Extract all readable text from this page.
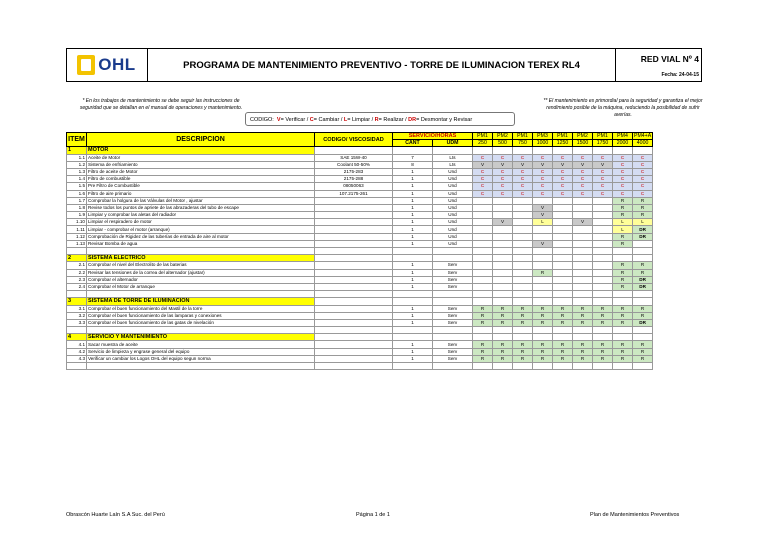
OHL	PROGRAMA DE MANTENIMIENTO PREVENTIVO - TORRE DE ILUMINACION TEREX RL4
RED VIAL Nº 4
Fecha: 24-04-15
* En los trabajos de mantenimiento se debe seguir las instrucciones de seguridad que se detallan en el manual de operaciones y mantenimiento.
** El mantenimiento es primordial para la seguridad y garantiza el mejor rendimiento posible de la máquina, reduciendo la posibilidad de sufrir averías.
CODIGO: V= Verificar / C= Cambiar / L= Limpiar / R= Realizar / DR= Desmontar y Revisar
ITEM	DESCRIPCION	CODIGO/ VISCOSIDAD	SERVICIO/HORAS		PM1	PM2	PM1	PM3	PM1	PM2	PM1	PM4	PM4+A
			CANT	UDM	250	500	750	1000	1250	1500	1750	2000	4000
1	MOTOR												
1.1	Aceite de Motor	SAE 15W-40	7	Lts	C	C	C	C	C	C	C	C	C
1.2	Sistema de enfriamiento	Coolant 50-50%	8	Lts	V	V	V	V	V	V	V	C	C
1.3	Filtro de aceite de Motor	2175-283	1	Und	C	C	C	C	C	C	C	C	C
1.4	Filtro de combustible	2175-288	1	Und	C	C	C	C	C	C	C	C	C
1.5	Pre Filtro de Combustible	08050063	1	Und	C	C	C	C	C	C	C	C	C
1.6	Filtro de aire primario	107.2175-261	1	Und	C	C	C	C	C	C	C	C	C
1.7	Comprobar la holgura de las Válvulas del Motor , ajustar		1	Und								R	R
1.8	Revise todos los puntos de apriete de las abrazaderas del tubo de escape		1	Und				V				R	R
1.9	Limpiar y comprobar las aletas del radiador		1	Und				V				R	R
1.10	Limpiar el respiradero de motor		1	Und		V		L		V		L	L
1.11	Limpiar - comprobar el motor (arranque)		1	Und								L	DR
1.12	Comprobación de Rigidez de las tuberías de entrada de aire al motor		1	Und								R	DR
1.13	Revisar Bomba de agua		1	Und				V				R	

2	SISTEMA ELECTRICO												
2.1	Comprobar el nivel del Electrolito de las baterias		1	Serv								R	R
2.2	Revisar las tensiones de la correa del alternador (ajustar)		1	Serv				R				R	R
2.3	Comprobar el alternador		1	Serv								R	DR
2.4	Comprobar el Motor de arranque		1	Serv								R	DR

3	SISTEMA DE TORRE DE ILUMINACION												
3.1	Comprobar el buen funcionamiento del Mastil de la torre		1	Serv	R	R	R	R	R	R	R	R	R
3.2	Comprobar el buen funcionamiento de las lamparas y conexiones		1	Serv	R	R	R	R	R	R	R	R	R
3.3	Comprobar el buen funcionamiento de las gatas de nivelación		1	Serv	R	R	R	R	R	R	R	R	DR

4	SERVICIO Y MANTENIMIENTO												
4.1	Sacar muestra de aceite		1	Serv	R	R	R	R	R	R	R	R	R
4.2	Servicio de limpieza y engrase general del equipo		1	Serv	R	R	R	R	R	R	R	R	R
4.3	Verificar un cambiar los Logos OHL del equipo segun norma		1	Serv	R	R	R	R	R	R	R	R	R

Obrascón Huarte Laín S.A Suc. del Perú	Página 1 de 1	Plan de Mantenimientos Preventivos
